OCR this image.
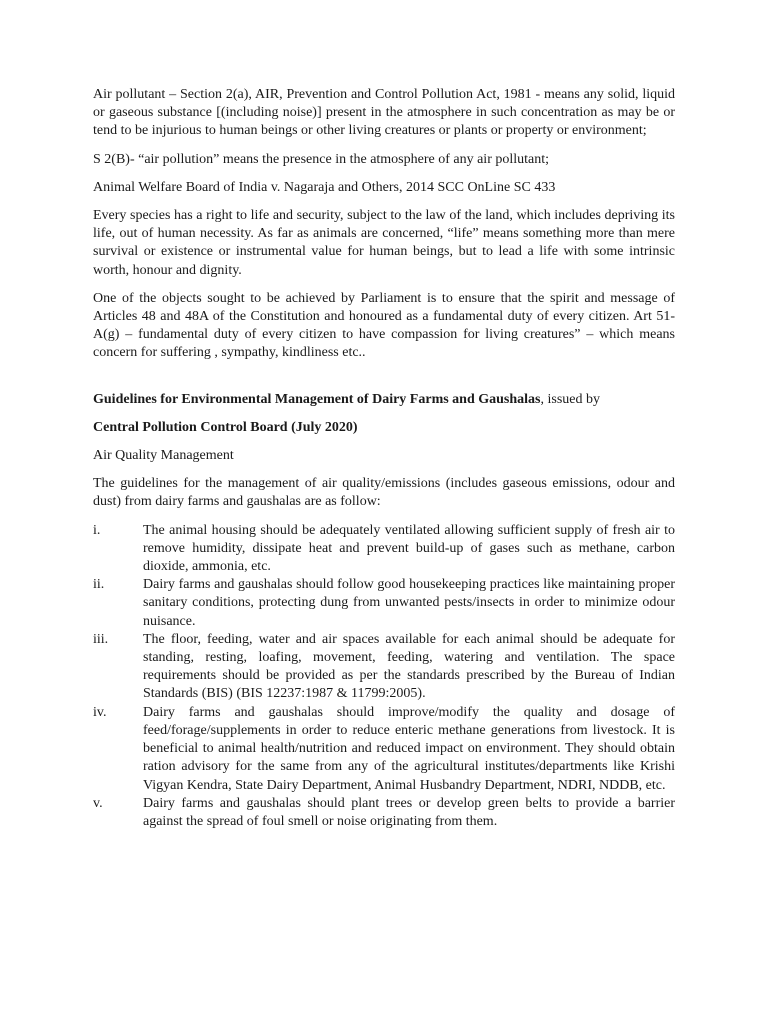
Air pollutant – Section 2(a), AIR, Prevention and Control Pollution Act, 1981 - means any solid, liquid or gaseous substance [(including noise)] present in the atmosphere in such concentration as may be or tend to be injurious to human beings or other living creatures or plants or property or environment;

S 2(B)- “air pollution” means the presence in the atmosphere of any air pollutant;

Animal Welfare Board of India v. Nagaraja and Others, 2014 SCC OnLine SC 433

Every species has a right to life and security, subject to the law of the land, which includes depriving its life, out of human necessity. As far as animals are concerned, “life” means something more than mere survival or existence or instrumental value for human beings, but to lead a life with some intrinsic worth, honour and dignity.

One of the objects sought to be achieved by Parliament is to ensure that the spirit and message of Articles 48 and 48A of the Constitution and honoured as a fundamental duty of every citizen. Art 51- A(g) – fundamental duty of every citizen to have compassion for living creatures” – which means concern for suffering , sympathy, kindliness etc..

Guidelines for Environmental Management of Dairy Farms and Gaushalas, issued by

Central Pollution Control Board (July 2020)

Air Quality Management

The guidelines for the management of air quality/emissions (includes gaseous emissions, odour and dust) from dairy farms and gaushalas are as follow:

i.	The animal housing should be adequately ventilated allowing sufficient supply of fresh air to remove humidity, dissipate heat and prevent build-up of gases such as methane, carbon dioxide, ammonia, etc.
ii.	Dairy farms and gaushalas should follow good housekeeping practices like maintaining proper sanitary conditions, protecting dung from unwanted pests/insects in order to minimize odour nuisance.
iii.	The floor, feeding, water and air spaces available for each animal should be adequate for standing, resting, loafing, movement, feeding, watering and ventilation. The space requirements should be provided as per the standards prescribed by the Bureau of Indian Standards (BIS) (BIS 12237:1987 & 11799:2005).
iv.	Dairy farms and gaushalas should improve/modify the quality and dosage of feed/forage/supplements in order to reduce enteric methane generations from livestock. It is beneficial to animal health/nutrition and reduced impact on environment. They should obtain ration advisory for the same from any of the agricultural institutes/departments like Krishi Vigyan Kendra, State Dairy Department, Animal Husbandry Department, NDRI, NDDB, etc.
v.	Dairy farms and gaushalas should plant trees or develop green belts to provide a barrier against the spread of foul smell or noise originating from them.
